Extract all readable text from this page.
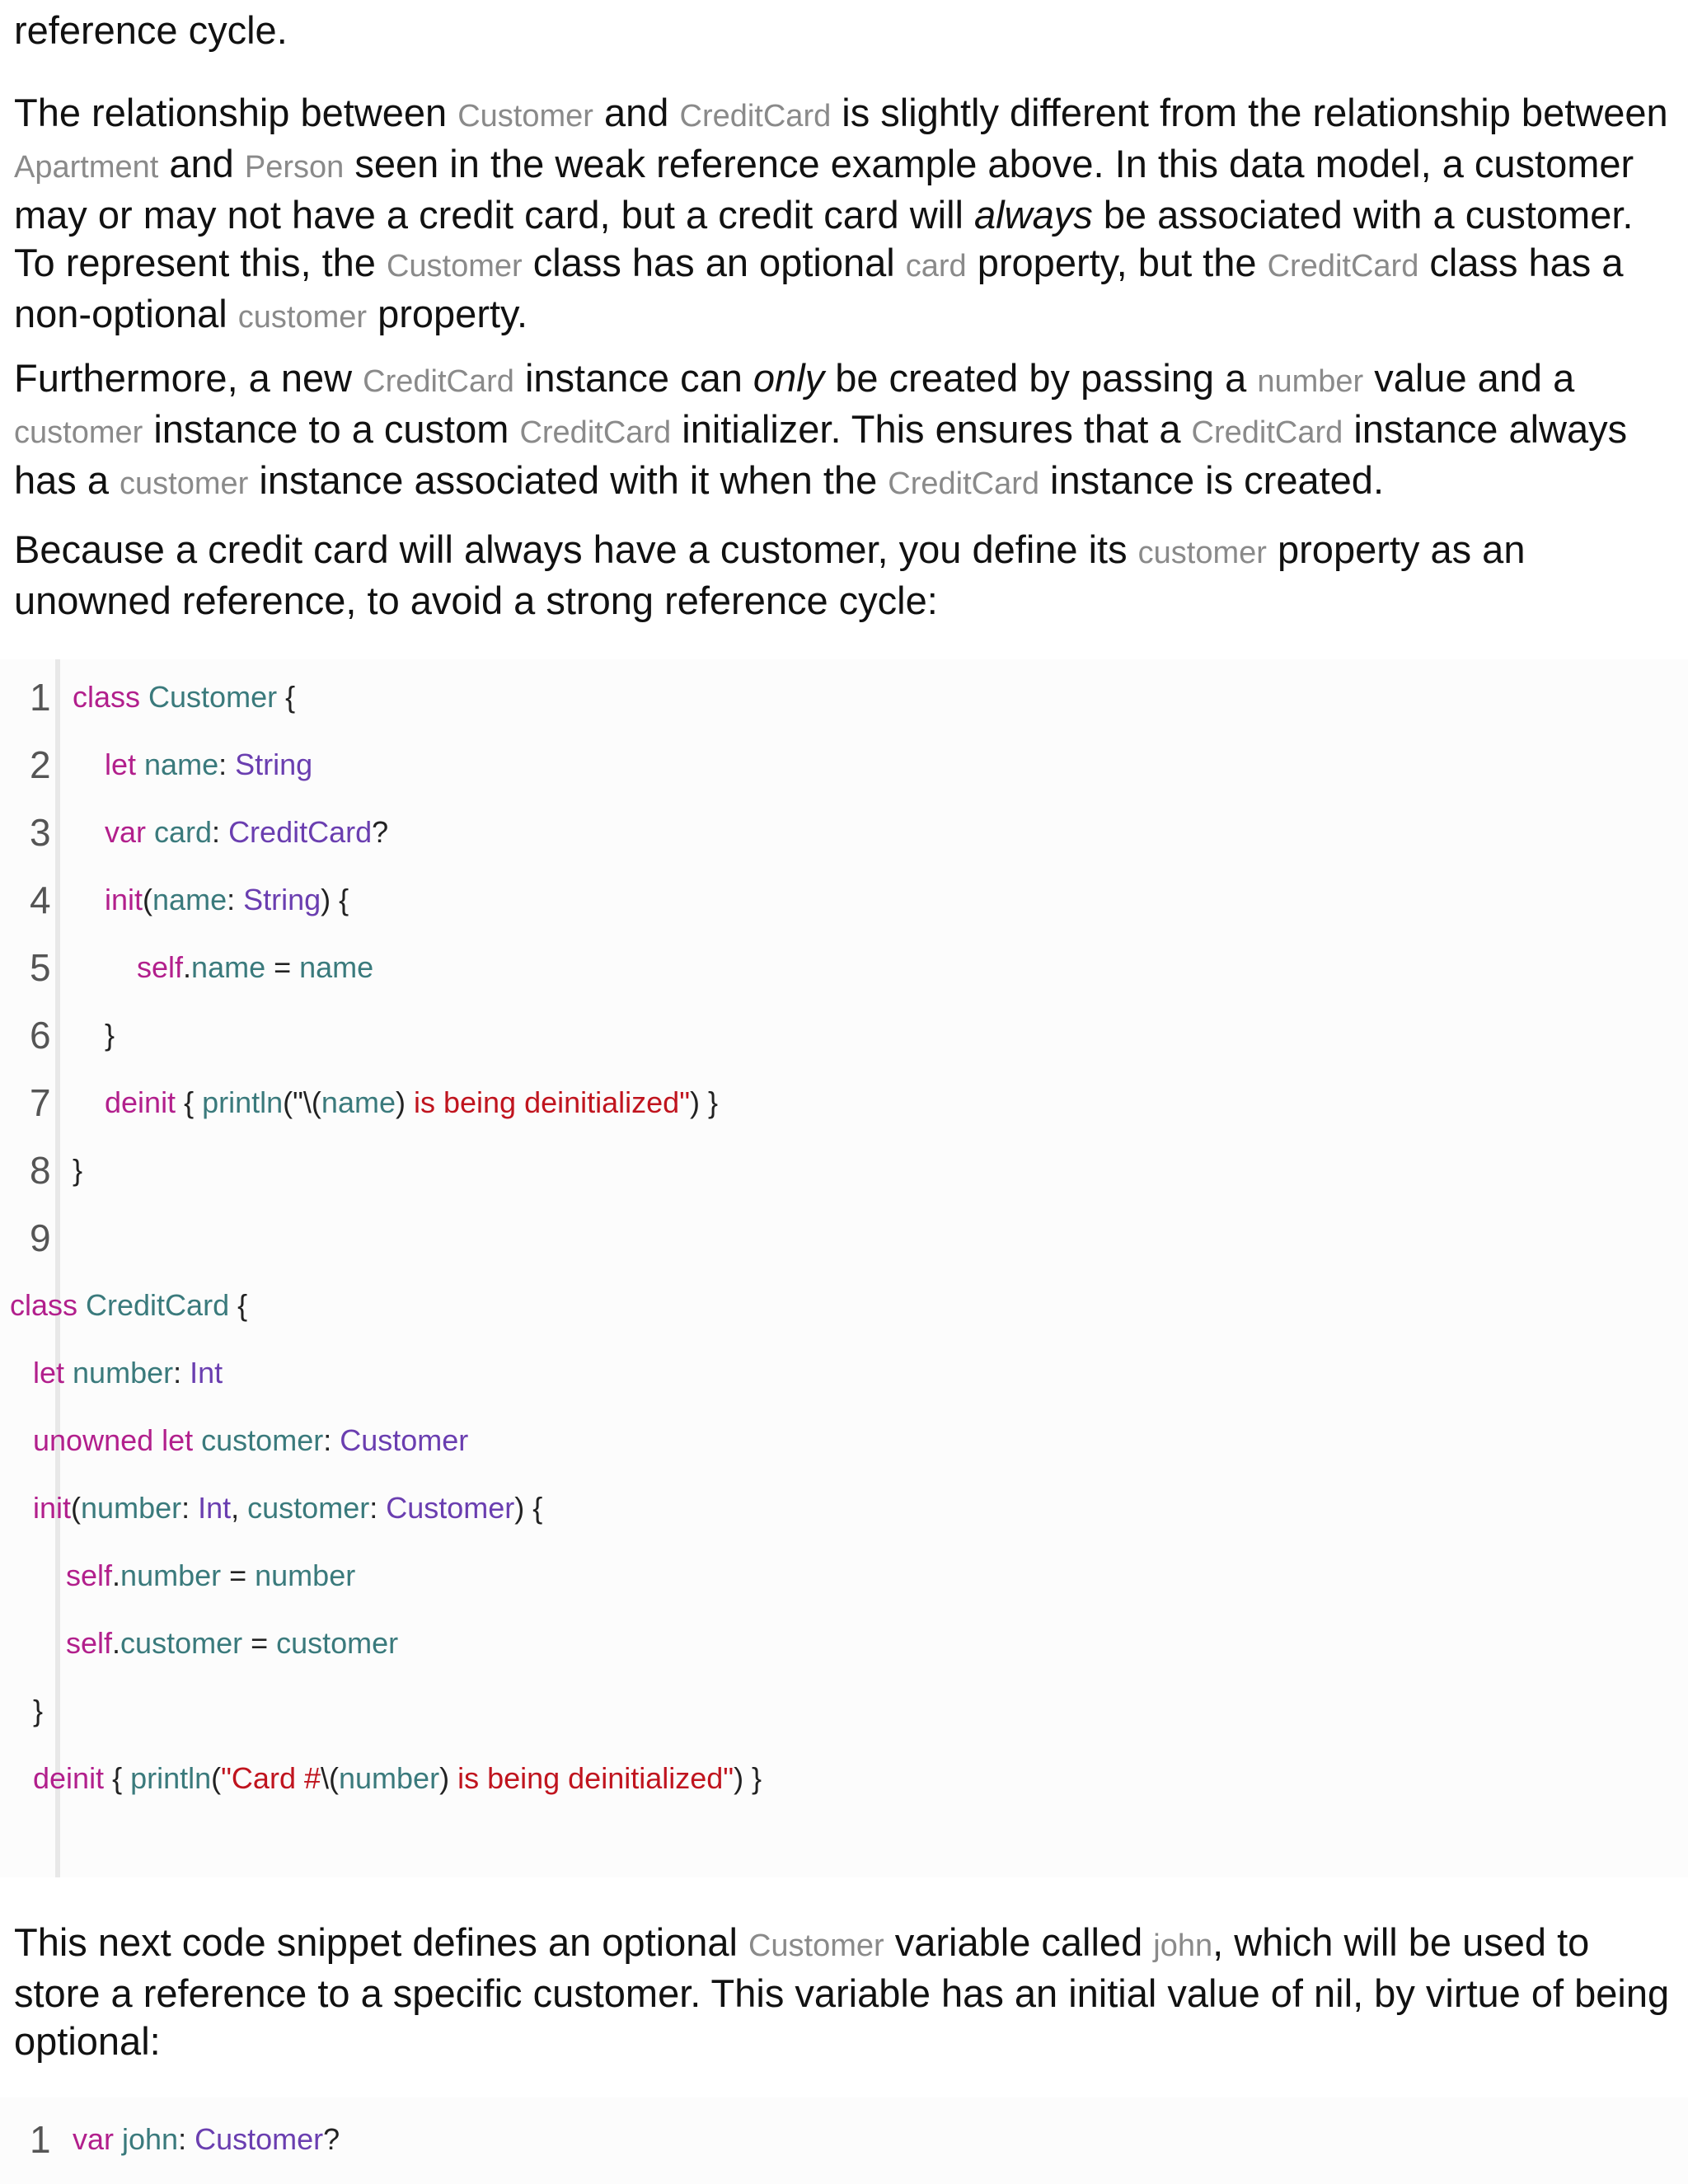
reference cycle.

The relationship between Customer and CreditCard is slightly different from the relationship between Apartment and Person seen in the weak reference example above. In this data model, a customer may or may not have a credit card, but a credit card will always be associated with a customer. To represent this, the Customer class has an optional card property, but the CreditCard class has a non-optional customer property.

Furthermore, a new CreditCard instance can only be created by passing a number value and a customer instance to a custom CreditCard initializer. This ensures that a CreditCard instance always has a customer instance associated with it when the CreditCard instance is created.

Because a credit card will always have a customer, you define its customer property as an unowned reference, to avoid a strong reference cycle:

1 class Customer {
2 let name: String
3 var card: CreditCard?
4 init(name: String) {
5	self.name = name
6 }
7 deinit { println("\(name) is being deinitialized") }
8 }
9
class CreditCard {
let number: Int
unowned let customer: Customer
init(number: Int, customer: Customer) {
self.number = number
self.customer = customer
}
deinit { println("Card #\(number) is being deinitialized") }

This next code snippet defines an optional Customer variable called john, which will be used to store a reference to a specific customer. This variable has an initial value of nil, by virtue of being optional:

1 var john: Customer?
